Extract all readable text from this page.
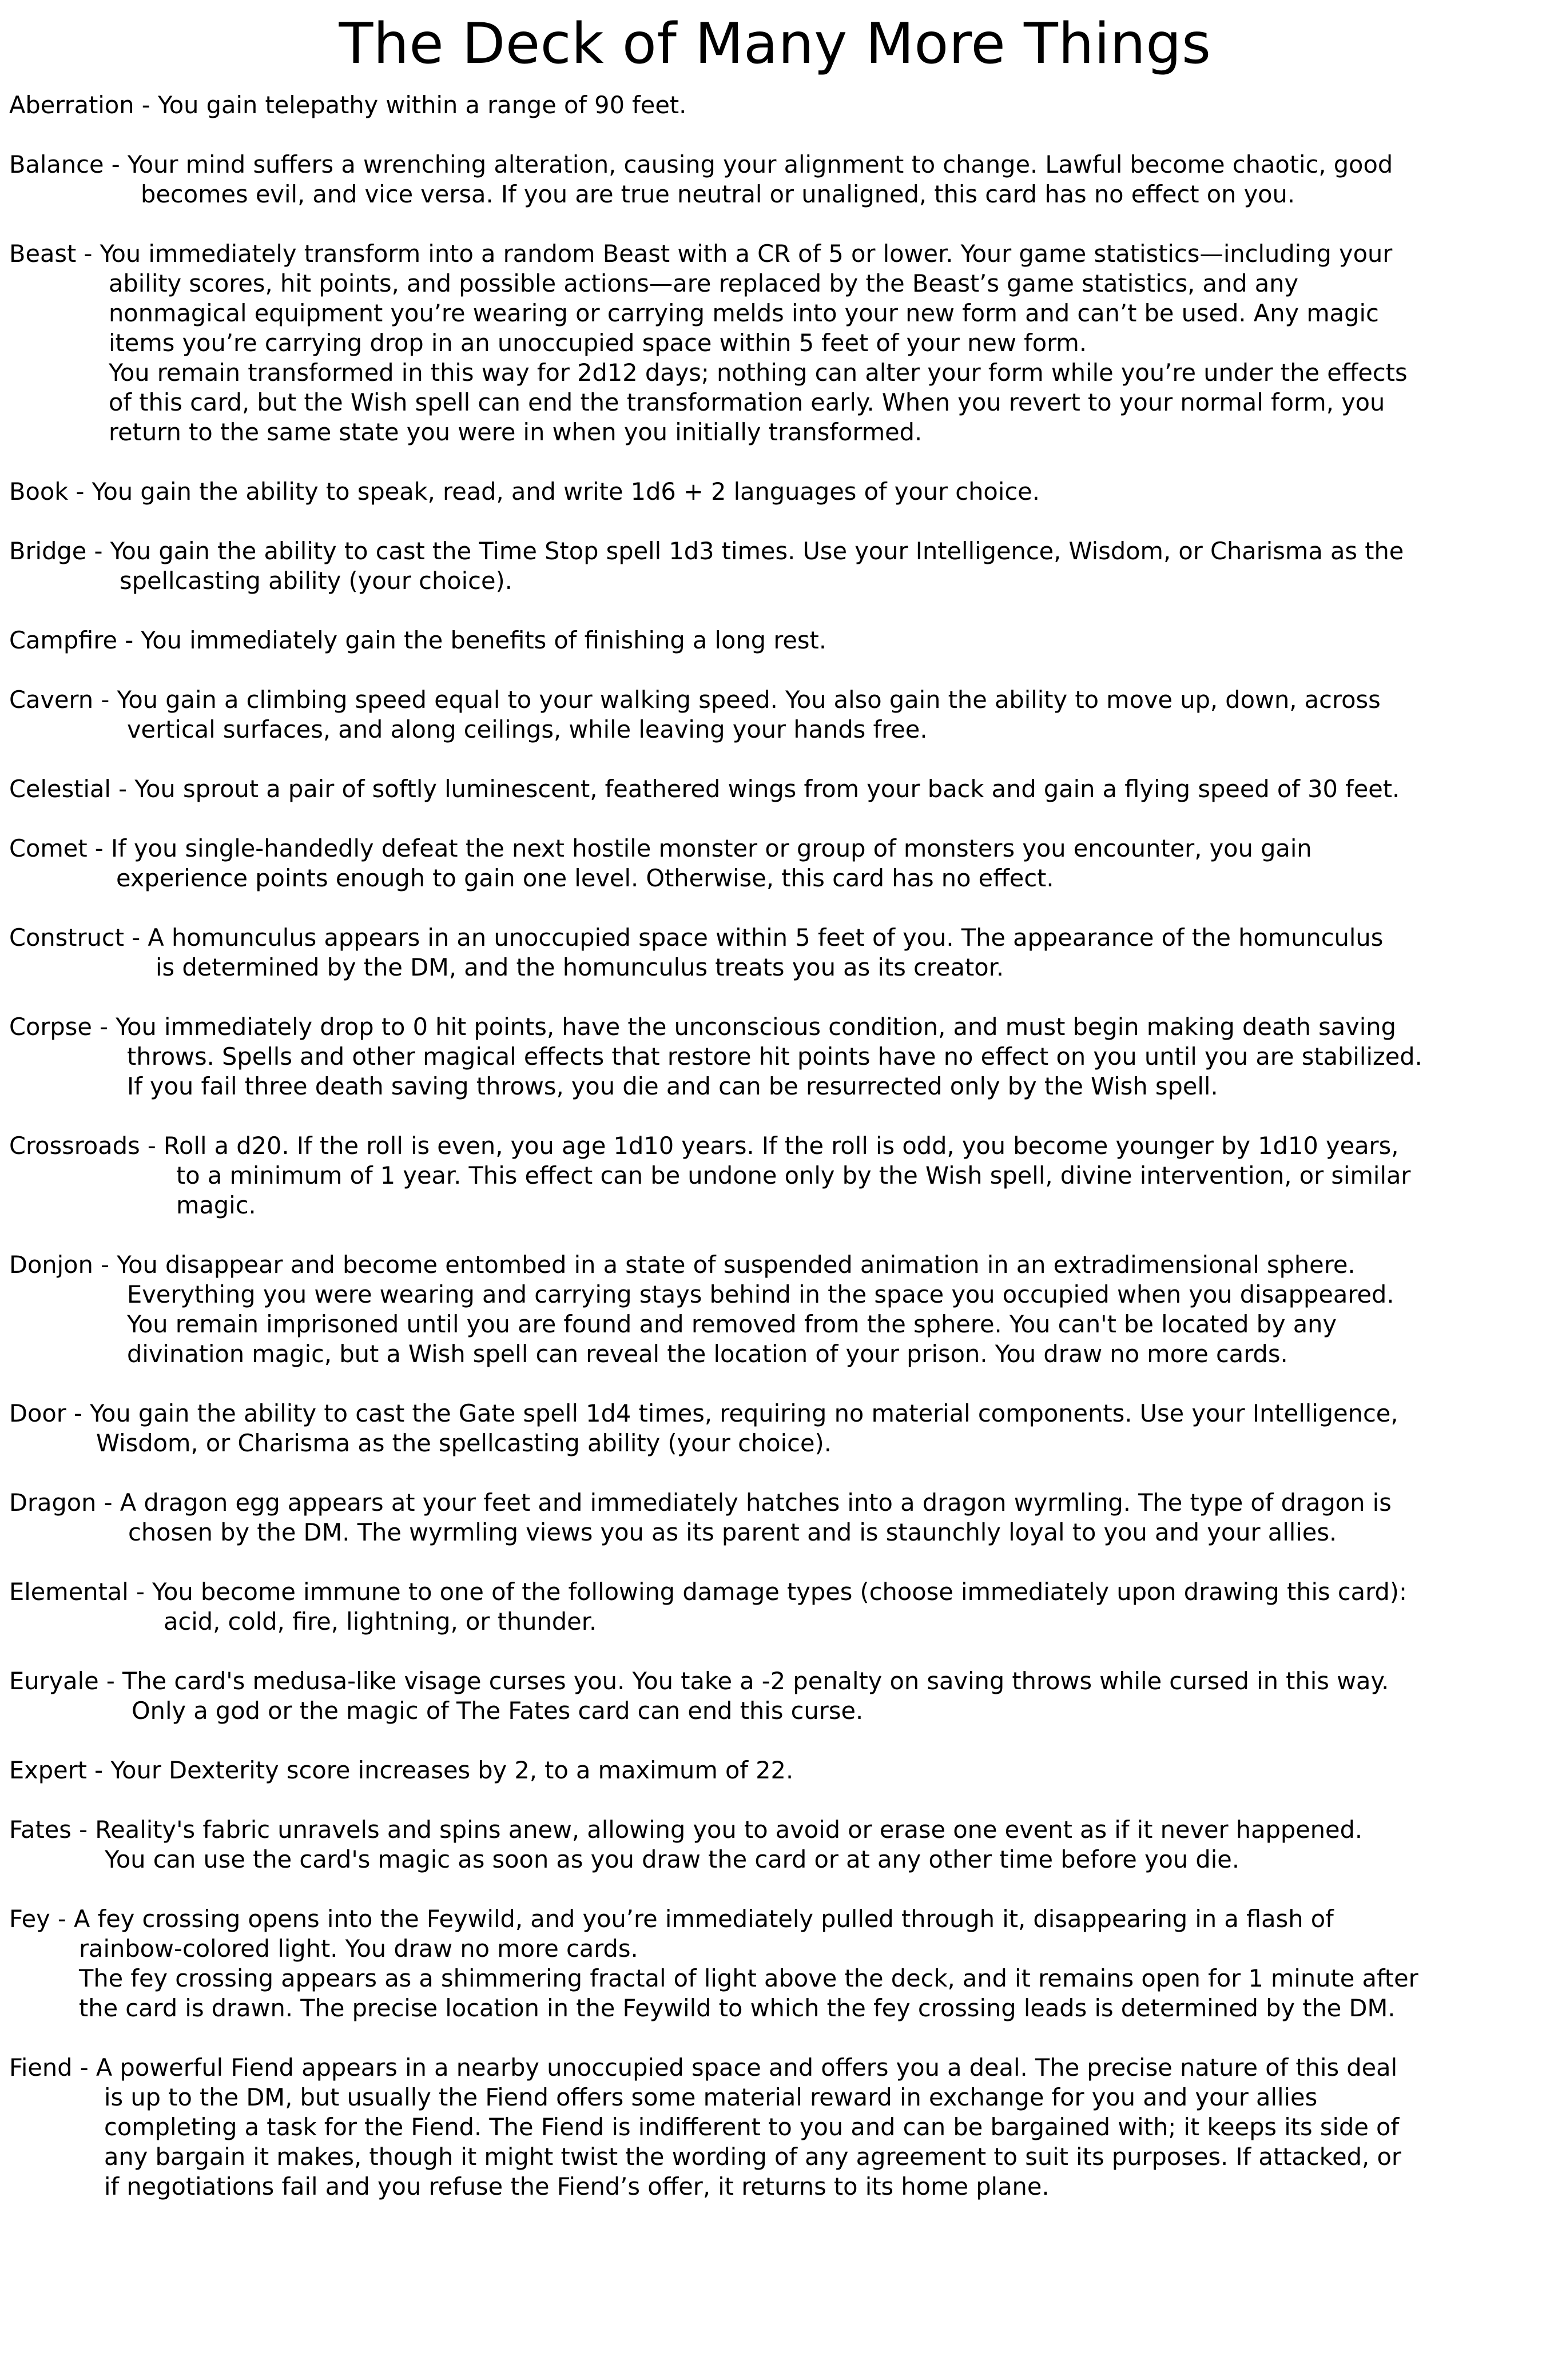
The Deck of Many More Things
Aberration - You gain telepathy within a range of 90 feet.
Balance - Your mind suffers a wrenching alteration, causing your alignment to change. Lawful become chaotic, good
becomes evil, and vice versa. If you are true neutral or unaligned, this card has no effect on you.
Beast - You immediately transform into a random Beast with a CR of 5 or lower. Your game statistics—including your
ability scores, hit points, and possible actions—are replaced by the Beast’s game statistics, and any
nonmagical equipment you’re wearing or carrying melds into your new form and can’t be used. Any magic
items you’re carrying drop in an unoccupied space within 5 feet of your new form.
You remain transformed in this way for 2d12 days; nothing can alter your form while you’re under the effects
of this card, but the Wish spell can end the transformation early. When you revert to your normal form, you
return to the same state you were in when you initially transformed.
Book - You gain the ability to speak, read, and write 1d6 + 2 languages of your choice.
Bridge - You gain the ability to cast the Time Stop spell 1d3 times. Use your Intelligence, Wisdom, or Charisma as the
spellcasting ability (your choice).
Campfire - You immediately gain the benefits of finishing a long rest.
Cavern - You gain a climbing speed equal to your walking speed. You also gain the ability to move up, down, across
vertical surfaces, and along ceilings, while leaving your hands free.
Celestial - You sprout a pair of softly luminescent, feathered wings from your back and gain a flying speed of 30 feet.
Comet - If you single-handedly defeat the next hostile monster or group of monsters you encounter, you gain
experience points enough to gain one level. Otherwise, this card has no effect.
Construct - A homunculus appears in an unoccupied space within 5 feet of you. The appearance of the homunculus
is determined by the DM, and the homunculus treats you as its creator.
Corpse - You immediately drop to 0 hit points, have the unconscious condition, and must begin making death saving
throws. Spells and other magical effects that restore hit points have no effect on you until you are stabilized.
If you fail three death saving throws, you die and can be resurrected only by the Wish spell.
Crossroads - Roll a d20. If the roll is even, you age 1d10 years. If the roll is odd, you become younger by 1d10 years,
to a minimum of 1 year. This effect can be undone only by the Wish spell, divine intervention, or similar
magic.
Donjon - You disappear and become entombed in a state of suspended animation in an extradimensional sphere.
Everything you were wearing and carrying stays behind in the space you occupied when you disappeared.
You remain imprisoned until you are found and removed from the sphere. You can't be located by any
divination magic, but a Wish spell can reveal the location of your prison. You draw no more cards.
Door - You gain the ability to cast the Gate spell 1d4 times, requiring no material components. Use your Intelligence,
Wisdom, or Charisma as the spellcasting ability (your choice).
Dragon - A dragon egg appears at your feet and immediately hatches into a dragon wyrmling. The type of dragon is
chosen by the DM. The wyrmling views you as its parent and is staunchly loyal to you and your allies.
Elemental - You become immune to one of the following damage types (choose immediately upon drawing this card):
acid, cold, fire, lightning, or thunder.
Euryale - The card's medusa-like visage curses you. You take a -2 penalty on saving throws while cursed in this way.
Only a god or the magic of The Fates card can end this curse.
Expert - Your Dexterity score increases by 2, to a maximum of 22.
Fates - Reality's fabric unravels and spins anew, allowing you to avoid or erase one event as if it never happened.
You can use the card's magic as soon as you draw the card or at any other time before you die.
Fey - A fey crossing opens into the Feywild, and you’re immediately pulled through it, disappearing in a flash of
rainbow-colored light. You draw no more cards.
The fey crossing appears as a shimmering fractal of light above the deck, and it remains open for 1 minute after
the card is drawn. The precise location in the Feywild to which the fey crossing leads is determined by the DM.
Fiend - A powerful Fiend appears in a nearby unoccupied space and offers you a deal. The precise nature of this deal
is up to the DM, but usually the Fiend offers some material reward in exchange for you and your allies
completing a task for the Fiend. The Fiend is indifferent to you and can be bargained with; it keeps its side of
any bargain it makes, though it might twist the wording of any agreement to suit its purposes. If attacked, or
if negotiations fail and you refuse the Fiend’s offer, it returns to its home plane.
